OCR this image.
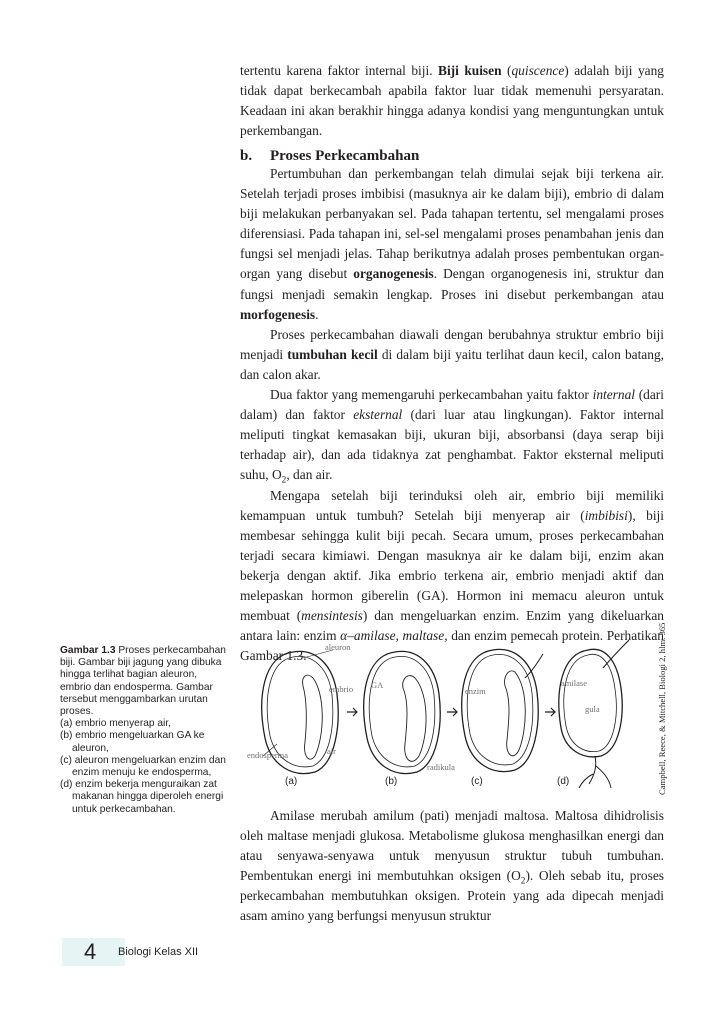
tertentu karena faktor internal biji. Biji kuisen (quiscence) adalah biji yang tidak dapat berkecambah apabila faktor luar tidak memenuhi persyaratan. Keadaan ini akan berakhir hingga adanya kondisi yang menguntungkan untuk perkembangan.

b. Proses Perkecambahan

Pertumbuhan dan perkembangan telah dimulai sejak biji terkena air. Setelah terjadi proses imbibisi (masuknya air ke dalam biji), embrio di dalam biji melakukan perbanyakan sel. Pada tahapan tertentu, sel mengalami proses diferensiasi. Pada tahapan ini, sel-sel mengalami proses penambahan jenis dan fungsi sel menjadi jelas. Tahap berikutnya adalah proses pembentukan organ-organ yang disebut organogenesis. Dengan organogenesis ini, struktur dan fungsi menjadi semakin lengkap. Proses ini disebut perkembangan atau morfogenesis.

Proses perkecambahan diawali dengan berubahnya struktur embrio biji menjadi tumbuhan kecil di dalam biji yaitu terlihat daun kecil, calon batang, dan calon akar.

Dua faktor yang memengaruhi perkecambahan yaitu faktor internal (dari dalam) dan faktor eksternal (dari luar atau lingkungan). Faktor internal meliputi tingkat kemasakan biji, ukuran biji, absorbansi (daya serap biji terhadap air), dan ada tidaknya zat penghambat. Faktor eksternal meliputi suhu, $O_2$, dan air.

Mengapa setelah biji terinduksi oleh air, embrio biji memiliki kemampuan untuk tumbuh? Setelah biji menyerap air (imbibisi), biji membesar sehingga kulit biji pecah. Secara umum, proses perkecambahan terjadi secara kimiawi. Dengan masuknya air ke dalam biji, enzim akan bekerja dengan aktif. Jika embrio terkena air, embrio menjadi aktif dan melepaskan hormon giberelin (GA). Hormon ini memacu aleuron untuk membuat (mensintesis) dan mengeluarkan enzim. Enzim yang dikeluarkan antara lain: enzim α–amilase, maltase, dan enzim pemecah protein. Perhatikan Gambar 1.3.

Gambar 1.3 Proses perkecambahan biji. Gambar biji jagung yang dibuka hingga terlihat bagian aleuron, embrio dan endosperma. Gambar tersebut menggambarkan urutan proses.
(a) embrio menyerap air,
(b) embrio mengeluarkan GA ke aleuron,
(c) aleuron mengeluarkan enzim dan enzim menuju ke endosperma,
(d) enzim bekerja menguraikan zat makanan hingga diperoleh energi untuk perkecambahan.
aleuron
embrio GA
enzim
amilase
gula
air
endosperma
radikula
(a)	(b)	(c)	(d)	Campbell, Reece, & Mitchell, Biologi 2, hlm. 365

Amilase merubah amilum (pati) menjadi maltosa. Maltosa dihidrolisis oleh maltase menjadi glukosa. Metabolisme glukosa menghasilkan energi dan atau senyawa-senyawa untuk menyusun struktur tubuh tumbuhan. Pembentukan energi ini membutuhkan oksigen $(O_2)$. Oleh sebab itu, proses perkecambahan membutuhkan oksigen. Protein yang ada dipecah menjadi asam amino yang berfungsi menyusun struktur

4 Biologi Kelas XII
